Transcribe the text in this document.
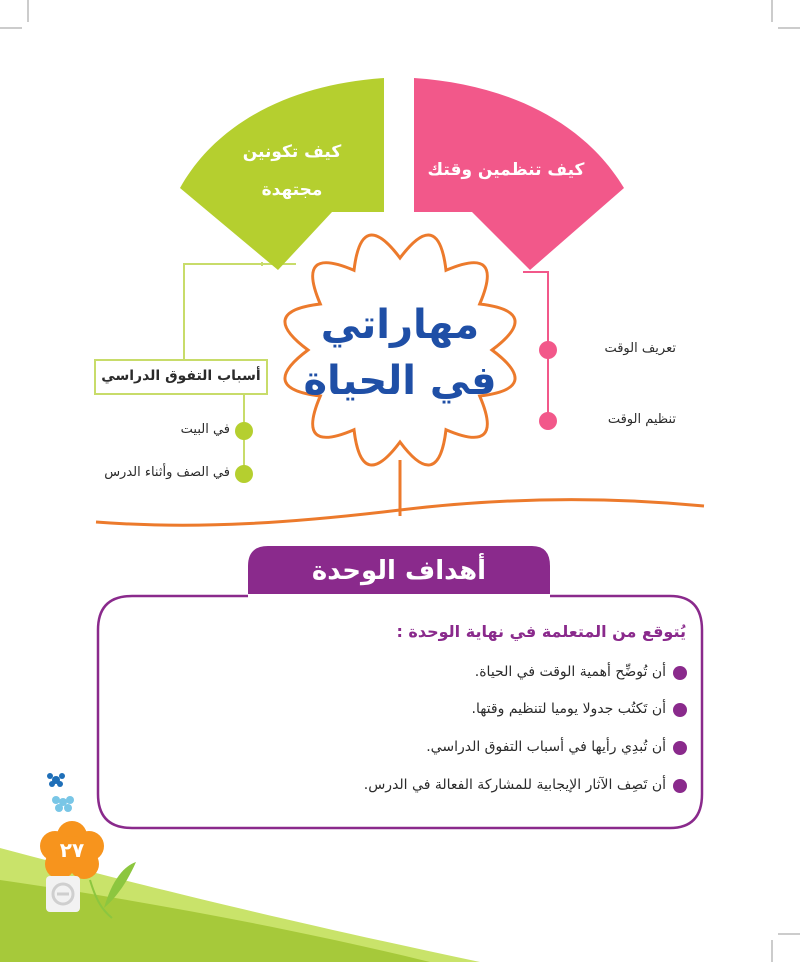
كيف تكونين
مجتهدة
كيف تنظمين وقتك
مهاراتي
في الحياة
أسباب التفوق الدراسي
في البيت
في الصف وأثناء الدرس
تعريف الوقت
تنظيم الوقت
أهداف الوحدة
يُتوقع من المتعلمة في نهاية الوحدة :
أن تُوضِّح أهمية الوقت في الحياة.
أن تَكتُب جدولا يوميا لتنظيم وقتها.
أن تُبدِي رأيها في أسباب التفوق الدراسي.
أن تَصِف الآثار الإيجابية للمشاركة الفعالة في الدرس.
٢٧
